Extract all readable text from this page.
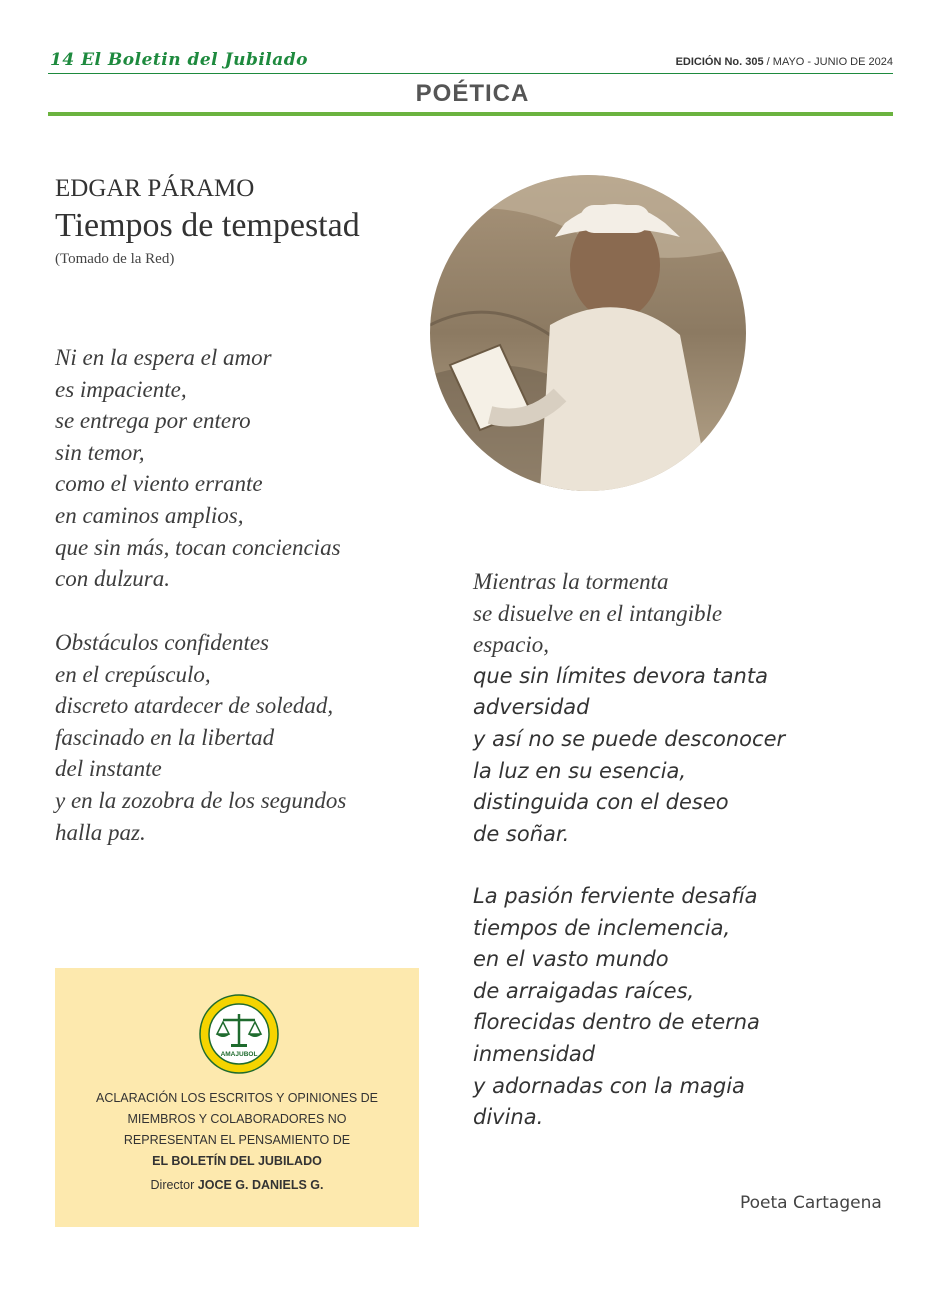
14 El Boletin del Jubilado	EDICIÓN No. 305 / MAYO - JUNIO DE 2024
POÉTICA
EDGAR PÁRAMO
Tiempos de tempestad
(Tomado de la Red)
Ni en la espera el amor
es impaciente,
se entrega por entero
sin temor,
como el viento errante
en caminos amplios,
que sin más, tocan conciencias
con dulzura.
Obstáculos confidentes
en el crepúsculo,
discreto atardecer de soledad,
fascinado en la libertad
del instante
y en la zozobra de los segundos
halla paz.
Mientras la tormenta
se disuelve en el intangible
espacio,
que sin límites devora tanta
adversidad
y así no se puede desconocer
la luz en su esencia,
distinguida con el deseo
de soñar.
La pasión ferviente desafía
tiempos de inclemencia,
en el vasto mundo
de arraigadas raíces,
florecidas dentro de eterna
inmensidad
y adornadas con la magia
divina.
AMAJUBOL
ACLARACIÓN LOS ESCRITOS Y OPINIONES DE
MIEMBROS Y COLABORADORES NO
REPRESENTAN EL PENSAMIENTO DE
EL BOLETÍN DEL JUBILADO
Director JOCE G. DANIELS G.
Poeta Cartagena
